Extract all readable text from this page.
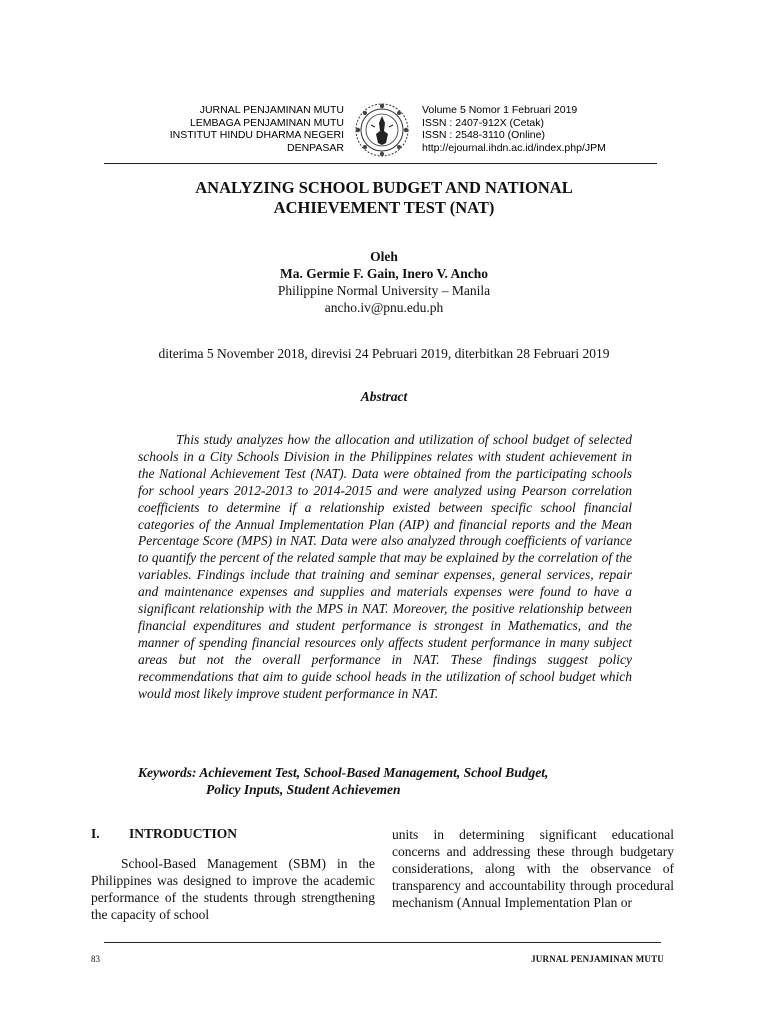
JURNAL PENJAMINAN MUTU
LEMBAGA PENJAMINAN MUTU
INSTITUT HINDU DHARMA NEGERI
DENPASAR
Volume 5 Nomor 1 Februari 2019
ISSN : 2407-912X (Cetak)
ISSN : 2548-3110 (Online)
http://ejournal.ihdn.ac.id/index.php/JPM
ANALYZING SCHOOL BUDGET AND NATIONAL
ACHIEVEMENT TEST (NAT)
Oleh
Ma. Germie F. Gain, Inero V. Ancho
Philippine Normal University – Manila
ancho.iv@pnu.edu.ph
diterima 5 November 2018, direvisi 24 Pebruari 2019, diterbitkan 28 Februari 2019
Abstract

This study analyzes how the allocation and utilization of school budget of selected schools in a City Schools Division in the Philippines relates with student achievement in the National Achievement Test (NAT). Data were obtained from the participating schools for school years 2012-2013 to 2014-2015 and were analyzed using Pearson correlation coefficients to determine if a relationship existed between specific school financial categories of the Annual Implementation Plan (AIP) and financial reports and the Mean Percentage Score (MPS) in NAT. Data were also analyzed through coefficients of variance to quantify the percent of the related sample that may be explained by the correlation of the variables. Findings include that training and seminar expenses, general services, repair and maintenance expenses and supplies and materials expenses were found to have a significant relationship with the MPS in NAT. Moreover, the positive relationship between financial expenditures and student performance is strongest in Mathematics, and the manner of spending financial resources only affects student performance in many subject areas but not the overall performance in NAT. These findings suggest policy recommendations that aim to guide school heads in the utilization of school budget which would most likely improve student performance in NAT.

Keywords: Achievement Test, School-Based Management, School Budget,
Policy Inputs, Student Achievemen
I. INTRODUCTION

School-Based Management (SBM) in the Philippines was designed to improve the academic performance of the students through strengthening the capacity of school

units in determining significant educational concerns and addressing these through budgetary considerations, along with the observance of transparency and accountability through procedural mechanism (Annual Implementation Plan or

83	JURNAL PENJAMINAN MUTU
